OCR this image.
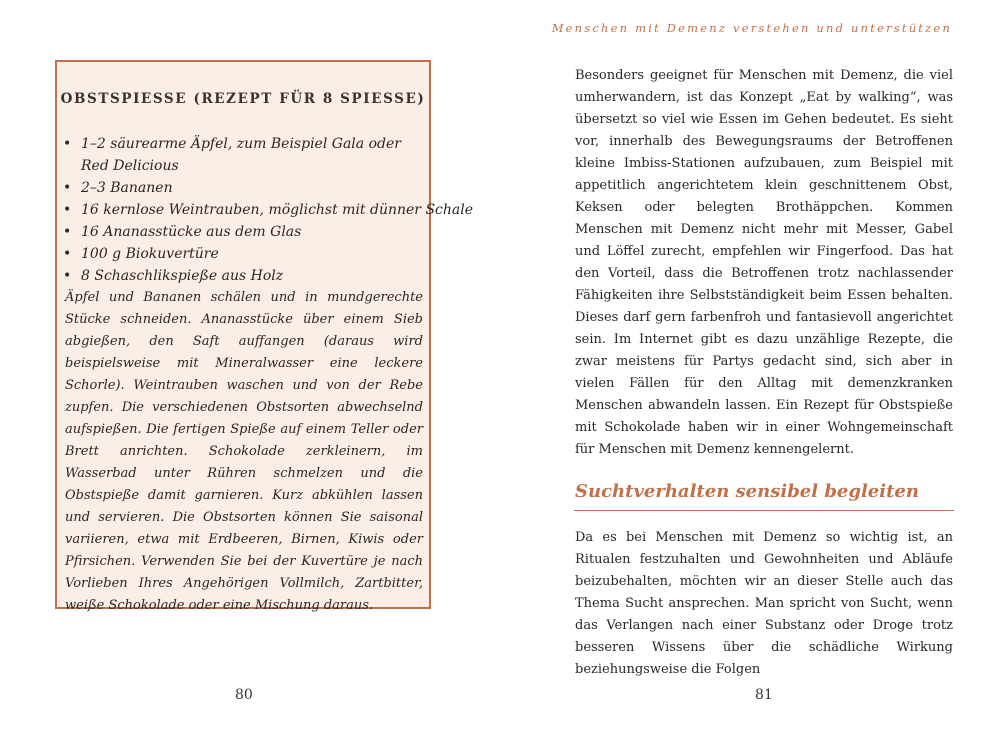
OBSTSPIESSE (REZEPT FÜR 8 SPIESSE)
• 1–2 säurearme Äpfel, zum Beispiel Gala oder Red Delicious
• 2–3 Bananen
• 16 kernlose Weintrauben, möglichst mit dünner Schale
• 16 Ananasstücke aus dem Glas
• 100 g Biokuvertüre
• 8 Schaschlikspieße aus Holz
Äpfel und Bananen schälen und in mundgerechte Stücke schneiden. Ananasstücke über einem Sieb abgießen, den Saft auffangen (daraus wird beispielsweise mit Mineralwasser eine leckere Schorle). Weintrauben waschen und von der Rebe zupfen. Die verschiedenen Obstsorten abwechselnd aufspießen. Die fertigen Spieße auf einem Teller oder Brett anrichten. Schokolade zerkleinern, im Wasserbad unter Rühren schmelzen und die Obstspieße damit garnieren. Kurz abkühlen lassen und servieren. Die Obstsorten können Sie saisonal variieren, etwa mit Erdbeeren, Birnen, Kiwis oder Pfirsichen. Verwenden Sie bei der Kuvertüre je nach Vorlieben Ihres Angehörigen Vollmilch, Zartbitter, weiße Schokolade oder eine Mischung daraus.
80
Menschen mit Demenz verstehen und unterstützen

Besonders geeignet für Menschen mit Demenz, die viel umherwandern, ist das Konzept „Eat by walking“, was übersetzt so viel wie Essen im Gehen bedeutet. Es sieht vor, innerhalb des Bewegungsraums der Betroffenen kleine Imbiss-Stationen aufzubauen, zum Beispiel mit appetitlich angerichtetem klein geschnittenem Obst, Keksen oder belegten Brothäppchen. Kommen Menschen mit Demenz nicht mehr mit Messer, Gabel und Löffel zurecht, empfehlen wir Fingerfood. Das hat den Vorteil, dass die Betroffenen trotz nachlassender Fähigkeiten ihre Selbstständigkeit beim Essen behalten. Dieses darf gern farbenfroh und fantasievoll angerichtet sein. Im Internet gibt es dazu unzählige Rezepte, die zwar meistens für Partys gedacht sind, sich aber in vielen Fällen für den Alltag mit demenzkranken Menschen abwandeln lassen. Ein Rezept für Obstspieße mit Schokolade haben wir in einer Wohngemeinschaft für Menschen mit Demenz kennengelernt.

Suchtverhalten sensibel begleiten

Da es bei Menschen mit Demenz so wichtig ist, an Ritualen festzuhalten und Gewohnheiten und Abläufe beizubehalten, möchten wir an dieser Stelle auch das Thema Sucht ansprechen. Man spricht von Sucht, wenn das Verlangen nach einer Substanz oder Droge trotz besseren Wissens über die schädliche Wirkung beziehungsweise die Folgen

81
